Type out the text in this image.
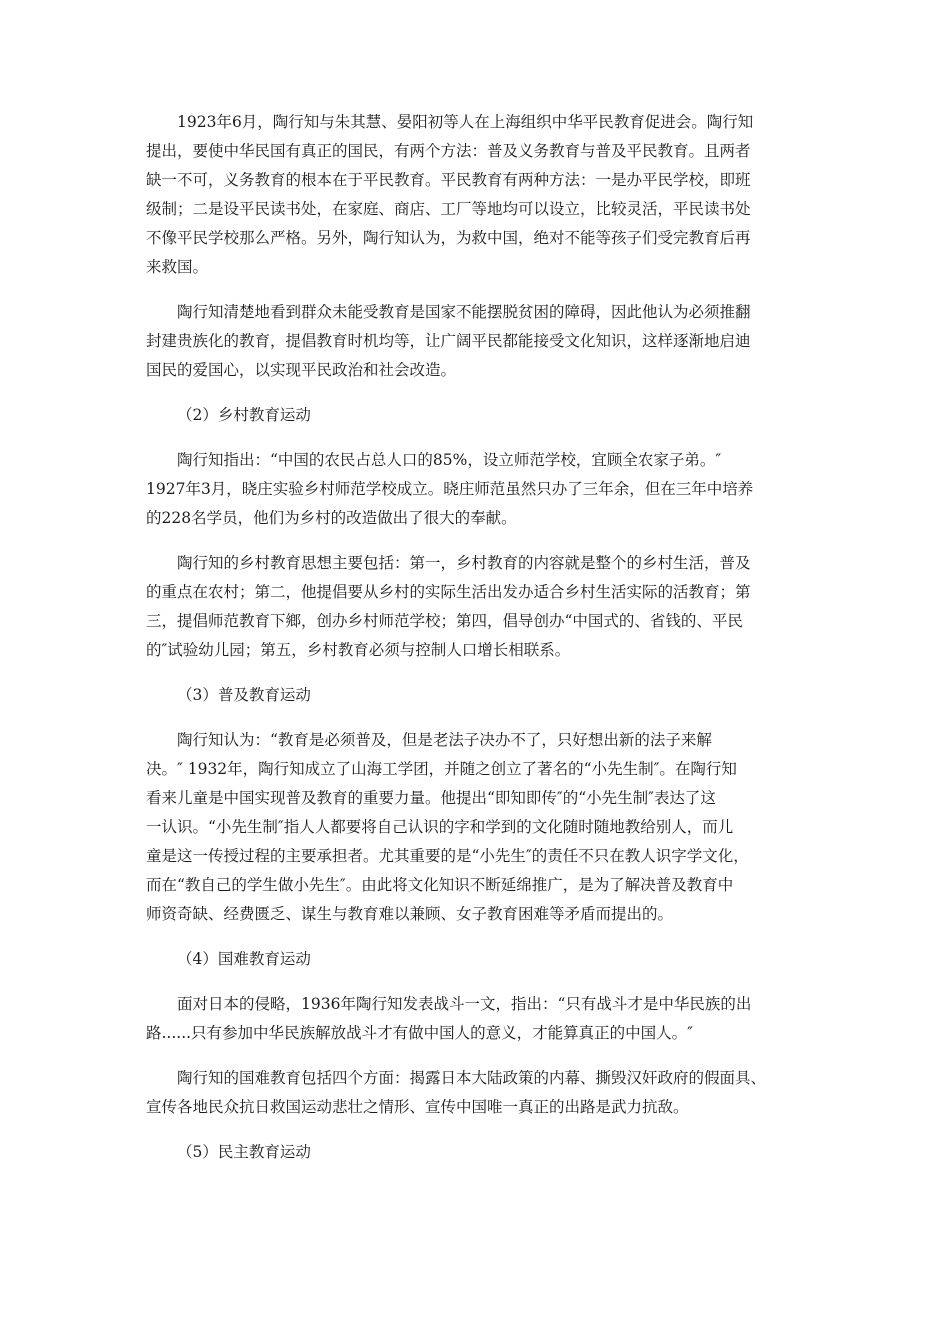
1923年6月，陶行知与朱其慧、晏阳初等人在上海组织中华平民教育促进会。陶行知
提出，要使中华民国有真正的国民，有两个方法：普及义务教育与普及平民教育。且两者
缺一不可，义务教育的根本在于平民教育。平民教育有两种方法：一是办平民学校，即班
级制；二是设平民读书处，在家庭、商店、工厂等地均可以设立，比较灵活，平民读书处
不像平民学校那么严格。另外，陶行知认为，为救中国，绝对不能等孩子们受完教育后再
来救国。
陶行知清楚地看到群众未能受教育是国家不能摆脱贫困的障碍，因此他认为必须推翻
封建贵族化的教育，提倡教育时机均等，让广阔平民都能接受文化知识，这样逐渐地启迪
国民的爱国心，以实现平民政治和社会改造。
（2）乡村教育运动
陶行知指出：“中国的农民占总人口的85%，设立师范学校，宜顾全农家子弟。″
1927年3月，晓庄实验乡村师范学校成立。晓庄师范虽然只办了三年余，但在三年中培养
的228名学员，他们为乡村的改造做出了很大的奉献。
陶行知的乡村教育思想主要包括：第一，乡村教育的内容就是整个的乡村生活，普及
的重点在农村；第二，他提倡要从乡村的实际生活出发办适合乡村生活实际的活教育；第
三，提倡师范教育下鄉，创办乡村师范学校；第四，倡导创办“中国式的、省钱的、平民
的″试验幼儿园；第五，乡村教育必须与控制人口增长相联系。
（3）普及教育运动
陶行知认为：“教育是必须普及，但是老法子决办不了，只好想出新的法子来解
决。″ 1932年，陶行知成立了山海工学团，并随之创立了著名的“小先生制″。在陶行知
看来儿童是中国实现普及教育的重要力量。他提出“即知即传″的“小先生制″表达了这
一认识。“小先生制″指人人都要将自己认识的字和学到的文化随时随地教给别人，而儿
童是这一传授过程的主要承担者。尤其重要的是“小先生″的责任不只在教人识字学文化，
而在“教自己的学生做小先生″。由此将文化知识不断延绵推广，是为了解决普及教育中
师资奇缺、经费匮乏、谋生与教育难以兼顾、女子教育困难等矛盾而提出的。
（4）国难教育运动
面对日本的侵略，1936年陶行知发表战斗一文，指出：“只有战斗才是中华民族的出
路......只有参加中华民族解放战斗才有做中国人的意义，才能算真正的中国人。″
陶行知的国难教育包括四个方面：揭露日本大陆政策的内幕、撕毁汉奸政府的假面具、
宣传各地民众抗日救国运动悲壮之情形、宣传中国唯一真正的出路是武力抗敌。
（5）民主教育运动
